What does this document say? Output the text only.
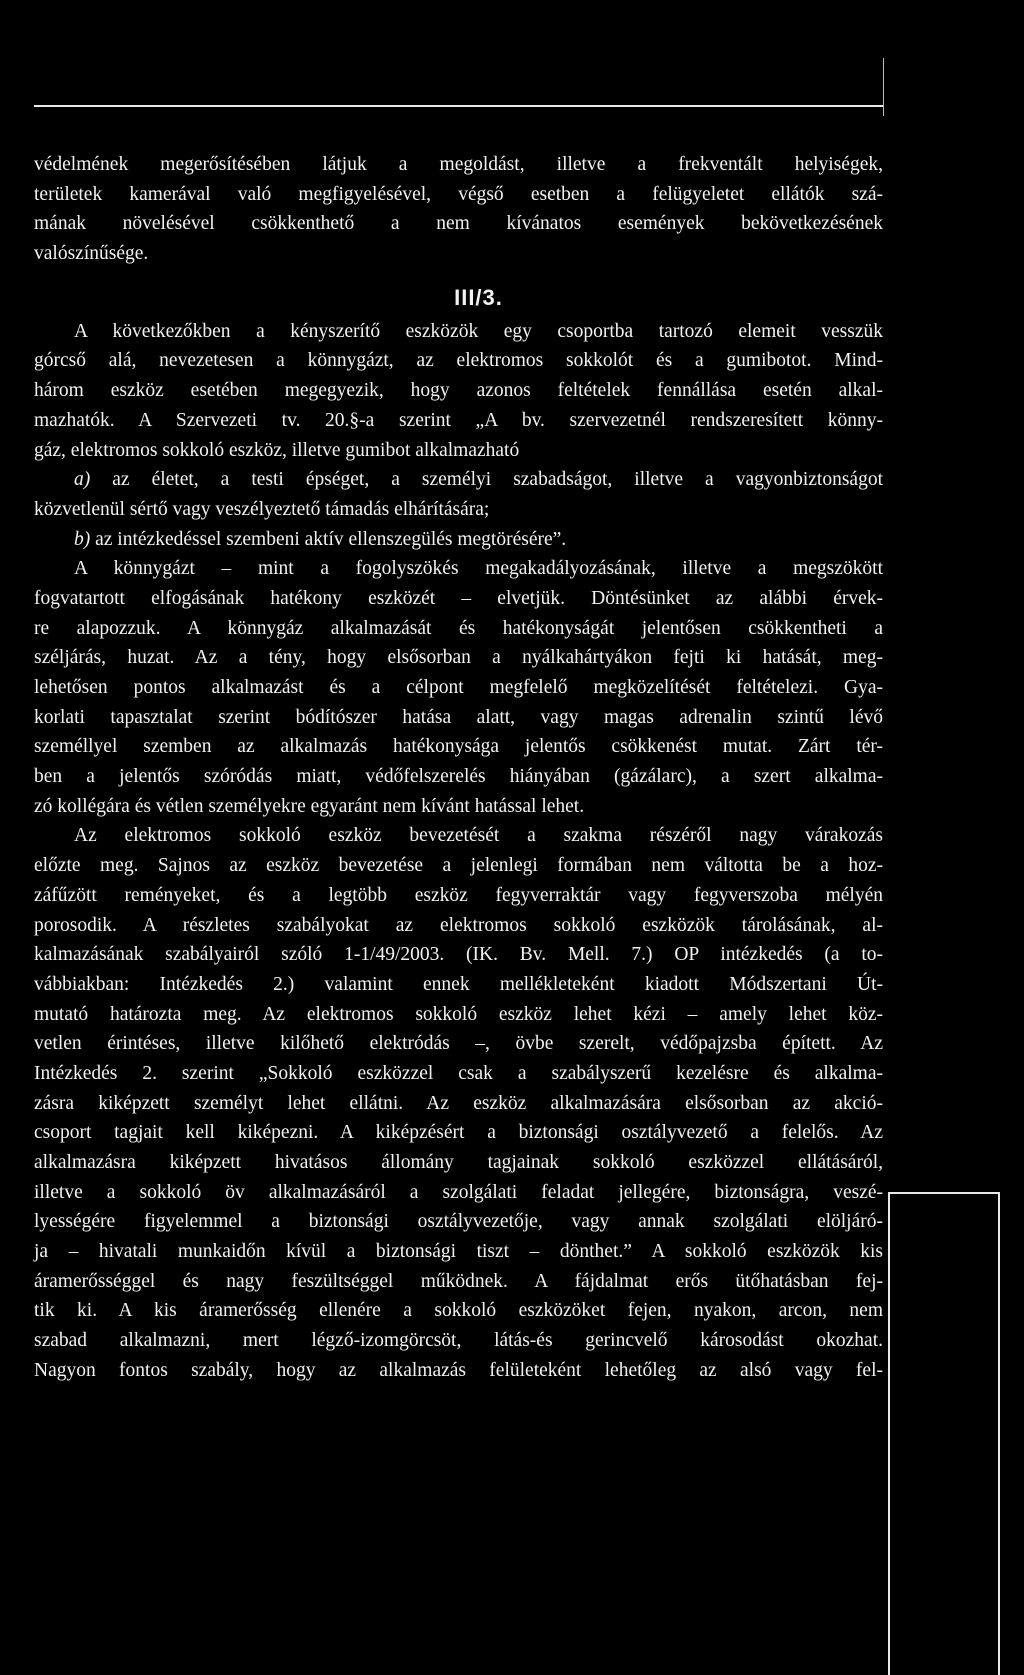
védelmének megerősítésében látjuk a megoldást, illetve a frekventált helyiségek,
területek kamerával való megfigyelésével, végső esetben a felügyeletet ellátók szá-
mának növelésével csökkenthető a nem kívánatos események bekövetkezésének
valószínűsége.
III/3.
A következőkben a kényszerítő eszközök egy csoportba tartozó elemeit vesszük
górcső alá, nevezetesen a könnygázt, az elektromos sokkolót és a gumibotot. Mind-
három eszköz esetében megegyezik, hogy azonos feltételek fennállása esetén alkal-
mazhatók. A Szervezeti tv. 20.§-a szerint „A bv. szervezetnél rendszeresített könny-
gáz, elektromos sokkoló eszköz, illetve gumibot alkalmazható
a) az életet, a testi épséget, a személyi szabadságot, illetve a vagyonbiztonságot
közvetlenül sértő vagy veszélyeztető támadás elhárítására;
b) az intézkedéssel szembeni aktív ellenszegülés megtörésére”.
A könnygázt – mint a fogolyszökés megakadályozásának, illetve a megszökött
fogvatartott elfogásának hatékony eszközét – elvetjük. Döntésünket az alábbi érvek-
re alapozzuk. A könnygáz alkalmazását és hatékonyságát jelentősen csökkentheti a
széljárás, huzat. Az a tény, hogy elsősorban a nyálkahártyákon fejti ki hatását, meg-
lehetősen pontos alkalmazást és a célpont megfelelő megközelítését feltételezi. Gya-
korlati tapasztalat szerint bódítószer hatása alatt, vagy magas adrenalin szintű lévő
személlyel szemben az alkalmazás hatékonysága jelentős csökkenést mutat. Zárt tér-
ben a jelentős szóródás miatt, védőfelszerelés hiányában (gázálarc), a szert alkalma-
zó kollégára és vétlen személyekre egyaránt nem kívánt hatással lehet.
Az elektromos sokkoló eszköz bevezetését a szakma részéről nagy várakozás
előzte meg. Sajnos az eszköz bevezetése a jelenlegi formában nem váltotta be a hoz-
záfűzött reményeket, és a legtöbb eszköz fegyverraktár vagy fegyverszoba mélyén
porosodik. A részletes szabályokat az elektromos sokkoló eszközök tárolásának, al-
kalmazásának szabályairól szóló 1-1/49/2003. (IK. Bv. Mell. 7.) OP intézkedés (a to-
vábbiakban: Intézkedés 2.) valamint ennek mellékleteként kiadott Módszertani Út-
mutató határozta meg. Az elektromos sokkoló eszköz lehet kézi – amely lehet köz-
vetlen érintéses, illetve kilőhető elektródás –, övbe szerelt, védőpajzsba épített. Az
Intézkedés 2. szerint „Sokkoló eszközzel csak a szabályszerű kezelésre és alkalma-
zásra kiképzett személyt lehet ellátni. Az eszköz alkalmazására elsősorban az akció-
csoport tagjait kell kiképezni. A kiképzésért a biztonsági osztályvezető a felelős. Az
alkalmazásra kiképzett hivatásos állomány tagjainak sokkoló eszközzel ellátásáról,
illetve a sokkoló öv alkalmazásáról a szolgálati feladat jellegére, biztonságra, veszé-
lyességére figyelemmel a biztonsági osztályvezetője, vagy annak szolgálati elöljáró-
ja – hivatali munkaidőn kívül a biztonsági tiszt – dönthet.” A sokkoló eszközök kis
áramerősséggel és nagy feszültséggel működnek. A fájdalmat erős ütőhatásban fej-
tik ki. A kis áramerősség ellenére a sokkoló eszközöket fejen, nyakon, arcon, nem
szabad alkalmazni, mert légző-izomgörcsöt, látás-és gerincvelő károsodást okozhat.
Nagyon fontos szabály, hogy az alkalmazás felületeként lehetőleg az alsó vagy fel-
